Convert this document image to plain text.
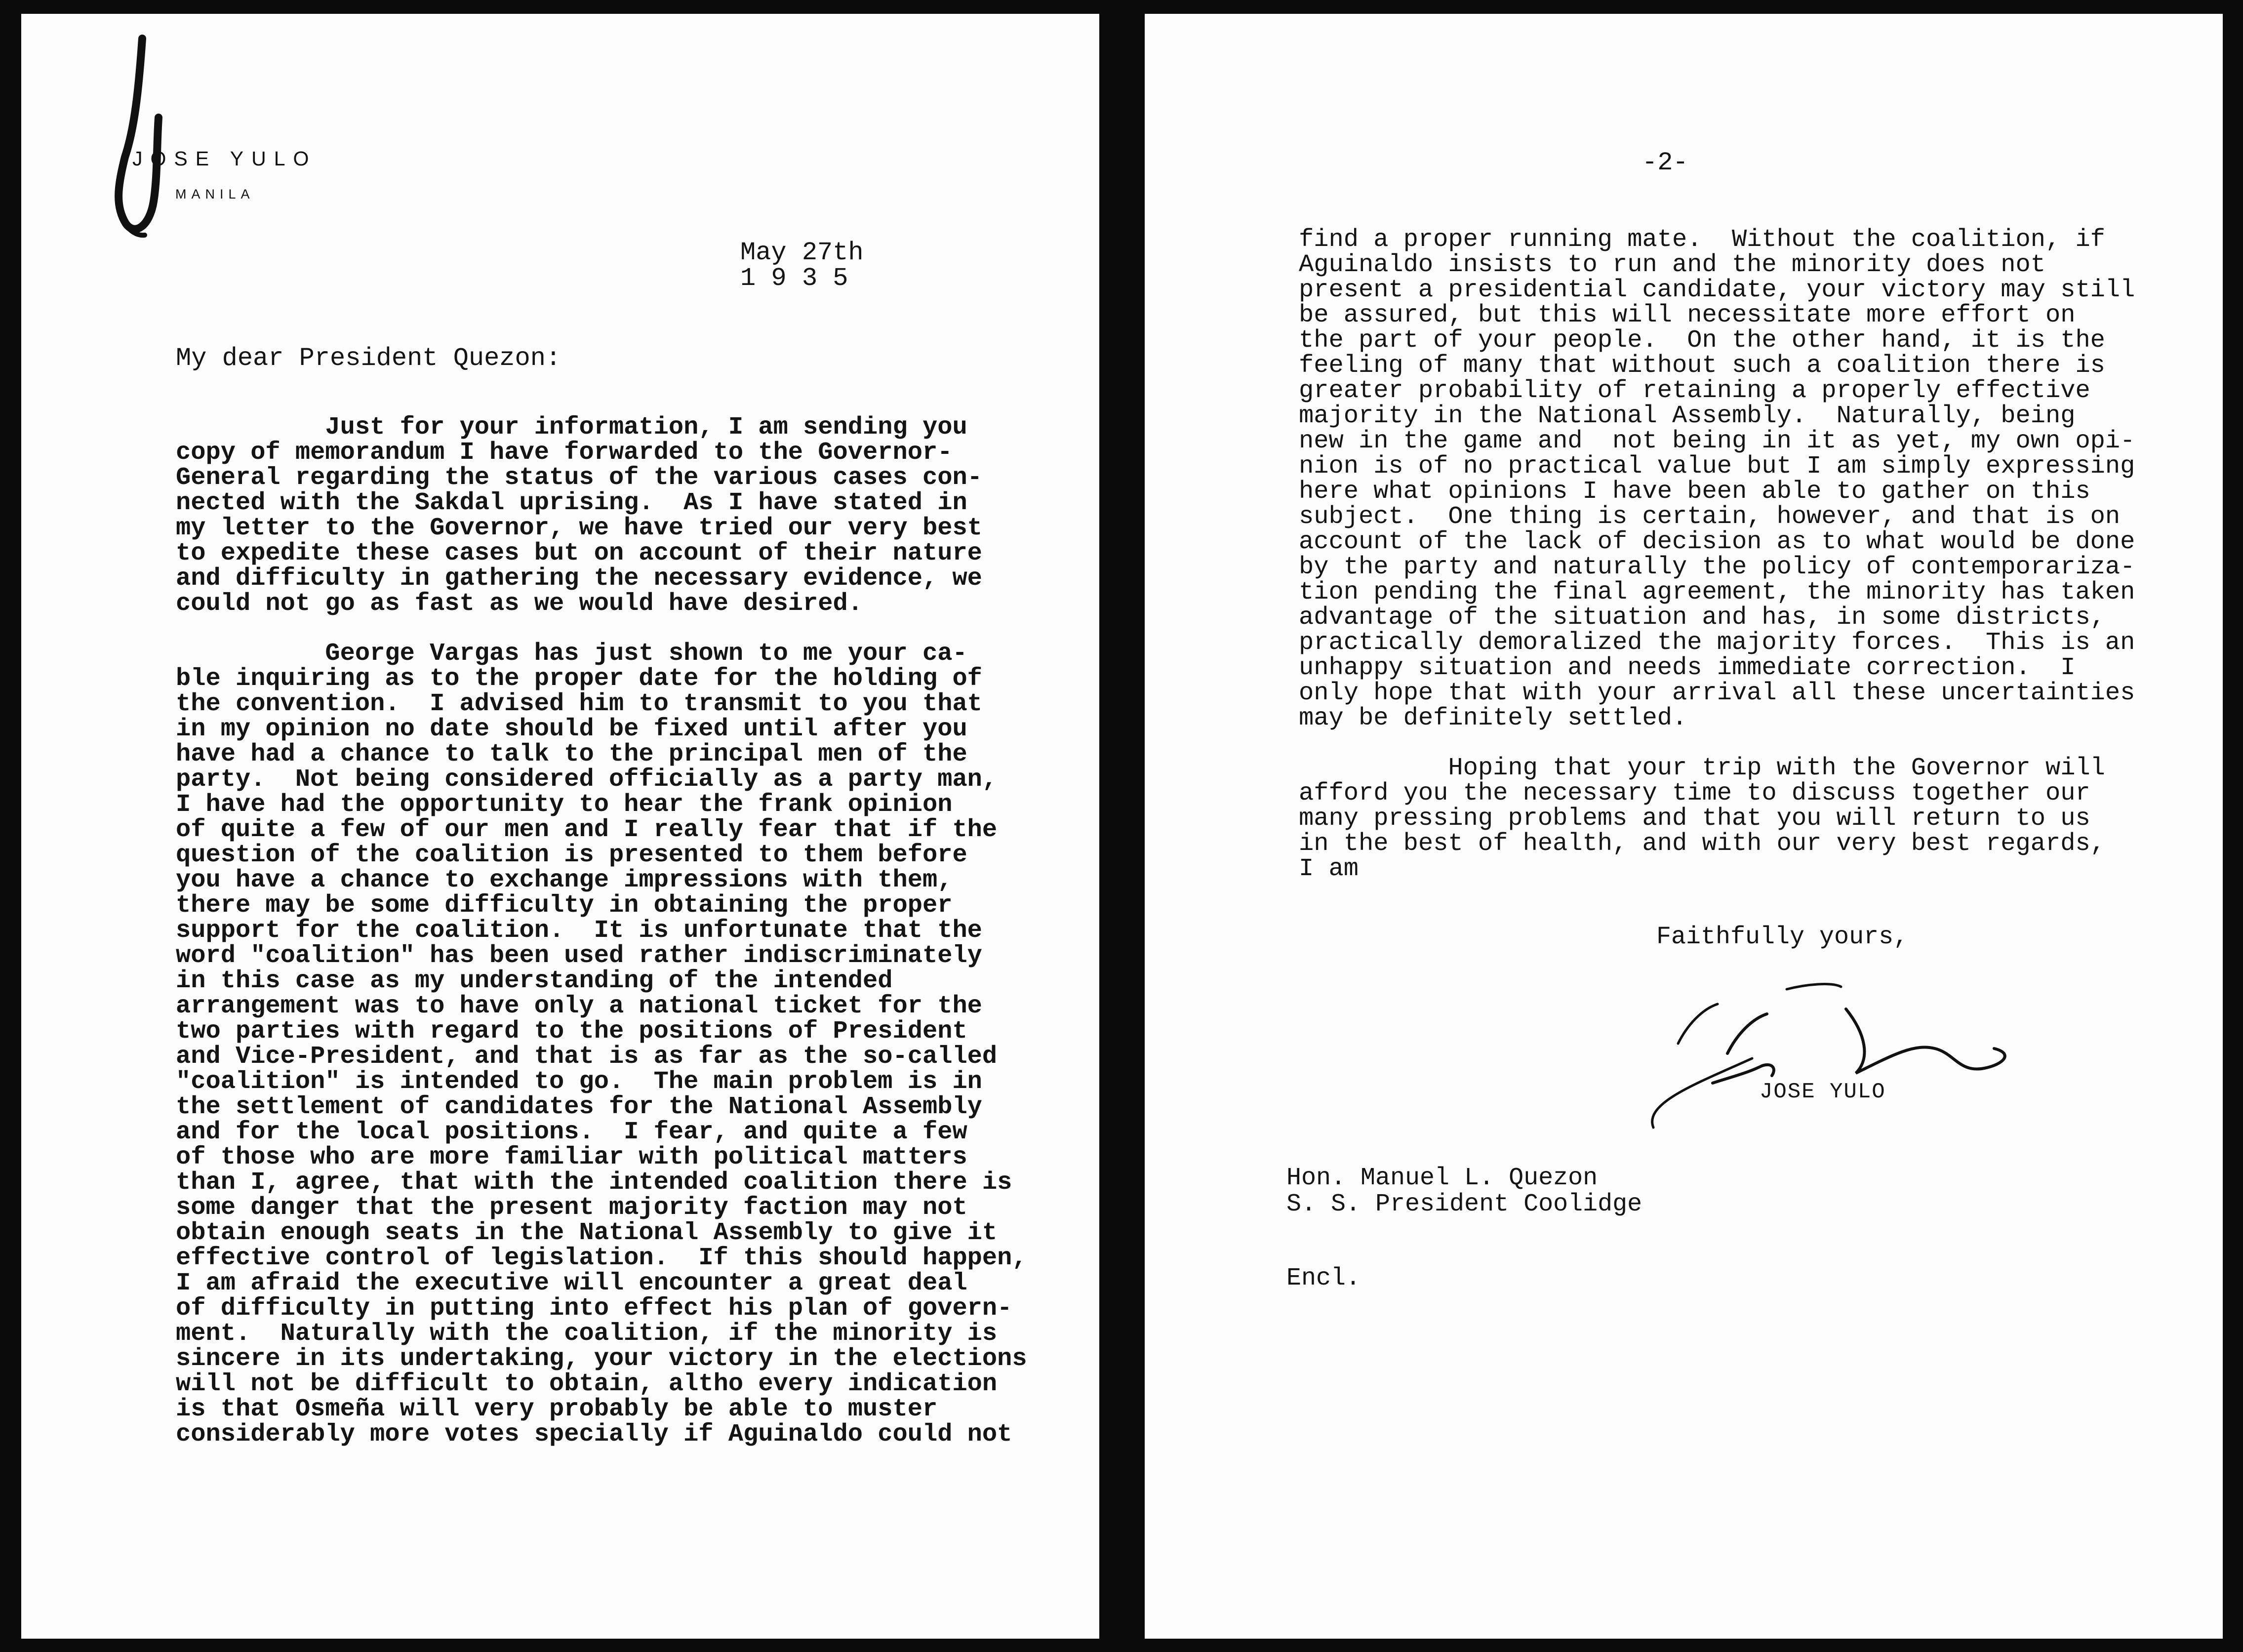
JOSE YULO
MANILA
May 27th
1 9 3 5
My dear President Quezon:

Just for your information, I am sending you
copy of memorandum I have forwarded to the Governor-
General regarding the status of the various cases con-
nected with the Sakdal uprising.  As I have stated in
my letter to the Governor, we have tried our very best
to expedite these cases but on account of their nature
and difficulty in gathering the necessary evidence, we
could not go as fast as we would have desired.

George Vargas has just shown to me your ca-
ble inquiring as to the proper date for the holding of
the convention.  I advised him to transmit to you that
in my opinion no date should be fixed until after you
have had a chance to talk to the principal men of the
party.  Not being considered officially as a party man,
I have had the opportunity to hear the frank opinion
of quite a few of our men and I really fear that if the
question of the coalition is presented to them before
you have a chance to exchange impressions with them,
there may be some difficulty in obtaining the proper
support for the coalition.  It is unfortunate that the
word "coalition" has been used rather indiscriminately
in this case as my understanding of the intended
arrangement was to have only a national ticket for the
two parties with regard to the positions of President
and Vice-President, and that is as far as the so-called
"coalition" is intended to go.  The main problem is in
the settlement of candidates for the National Assembly
and for the local positions.  I fear, and quite a few
of those who are more familiar with political matters
than I, agree, that with the intended coalition there is
some danger that the present majority faction may not
obtain enough seats in the National Assembly to give it
effective control of legislation.  If this should happen,
I am afraid the executive will encounter a great deal
of difficulty in putting into effect his plan of govern-
ment.  Naturally with the coalition, if the minority is
sincere in its undertaking, your victory in the elections
will not be difficult to obtain, altho every indication
is that Osmeña will very probably be able to muster
considerably more votes specially if Aguinaldo could not

-2-

find a proper running mate.  Without the coalition, if
Aguinaldo insists to run and the minority does not
present a presidential candidate, your victory may still
be assured, but this will necessitate more effort on
the part of your people.  On the other hand, it is the
feeling of many that without such a coalition there is
greater probability of retaining a properly effective
majority in the National Assembly.  Naturally, being
new in the game and  not being in it as yet, my own opi-
nion is of no practical value but I am simply expressing
here what opinions I have been able to gather on this
subject.  One thing is certain, however, and that is on
account of the lack of decision as to what would be done
by the party and naturally the policy of contemporariza-
tion pending the final agreement, the minority has taken
advantage of the situation and has, in some districts,
practically demoralized the majority forces.  This is an
unhappy situation and needs immediate correction.  I
only hope that with your arrival all these uncertainties
may be definitely settled.

Hoping that your trip with the Governor will
afford you the necessary time to discuss together our
many pressing problems and that you will return to us
in the best of health, and with our very best regards,
I am

Faithfully yours,
JOSE YULO
Hon. Manuel L. Quezon
S. S. President Coolidge
Encl.
